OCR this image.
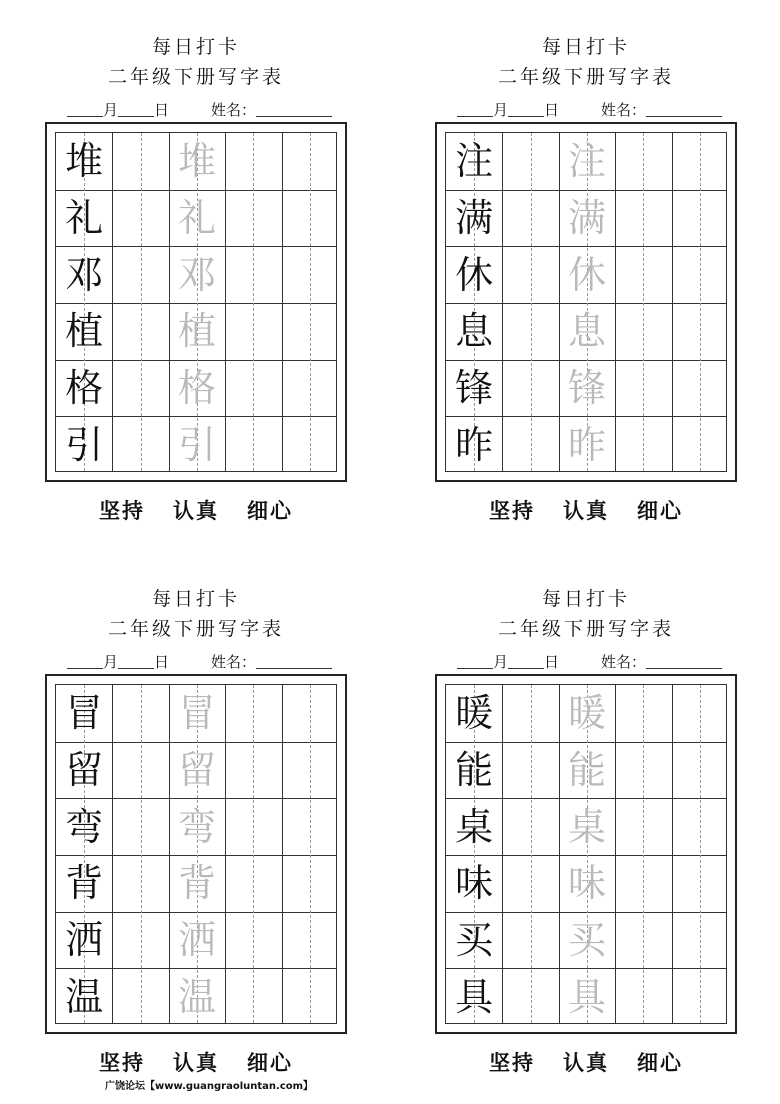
每日打卡
二年级下册写字表
月 日	姓名：
堆 堆
礼 礼
邓 邓
植 植
格 格
引 引
坚持 认真 细心
每日打卡
二年级下册写字表
月 日	姓名：
注 注
满 满
休 休
息 息
锋 锋
昨 昨
坚持 认真 细心
每日打卡
二年级下册写字表
月 日	姓名：
冒 冒
留 留
弯 弯
背 背
洒 洒
温 温
坚持 认真 细心
每日打卡
二年级下册写字表
月 日	姓名：
暖 暖
能 能
桌 桌
味 味
买 买
具 具
坚持 认真 细心
广饶论坛【www.guangraoluntan.com】
